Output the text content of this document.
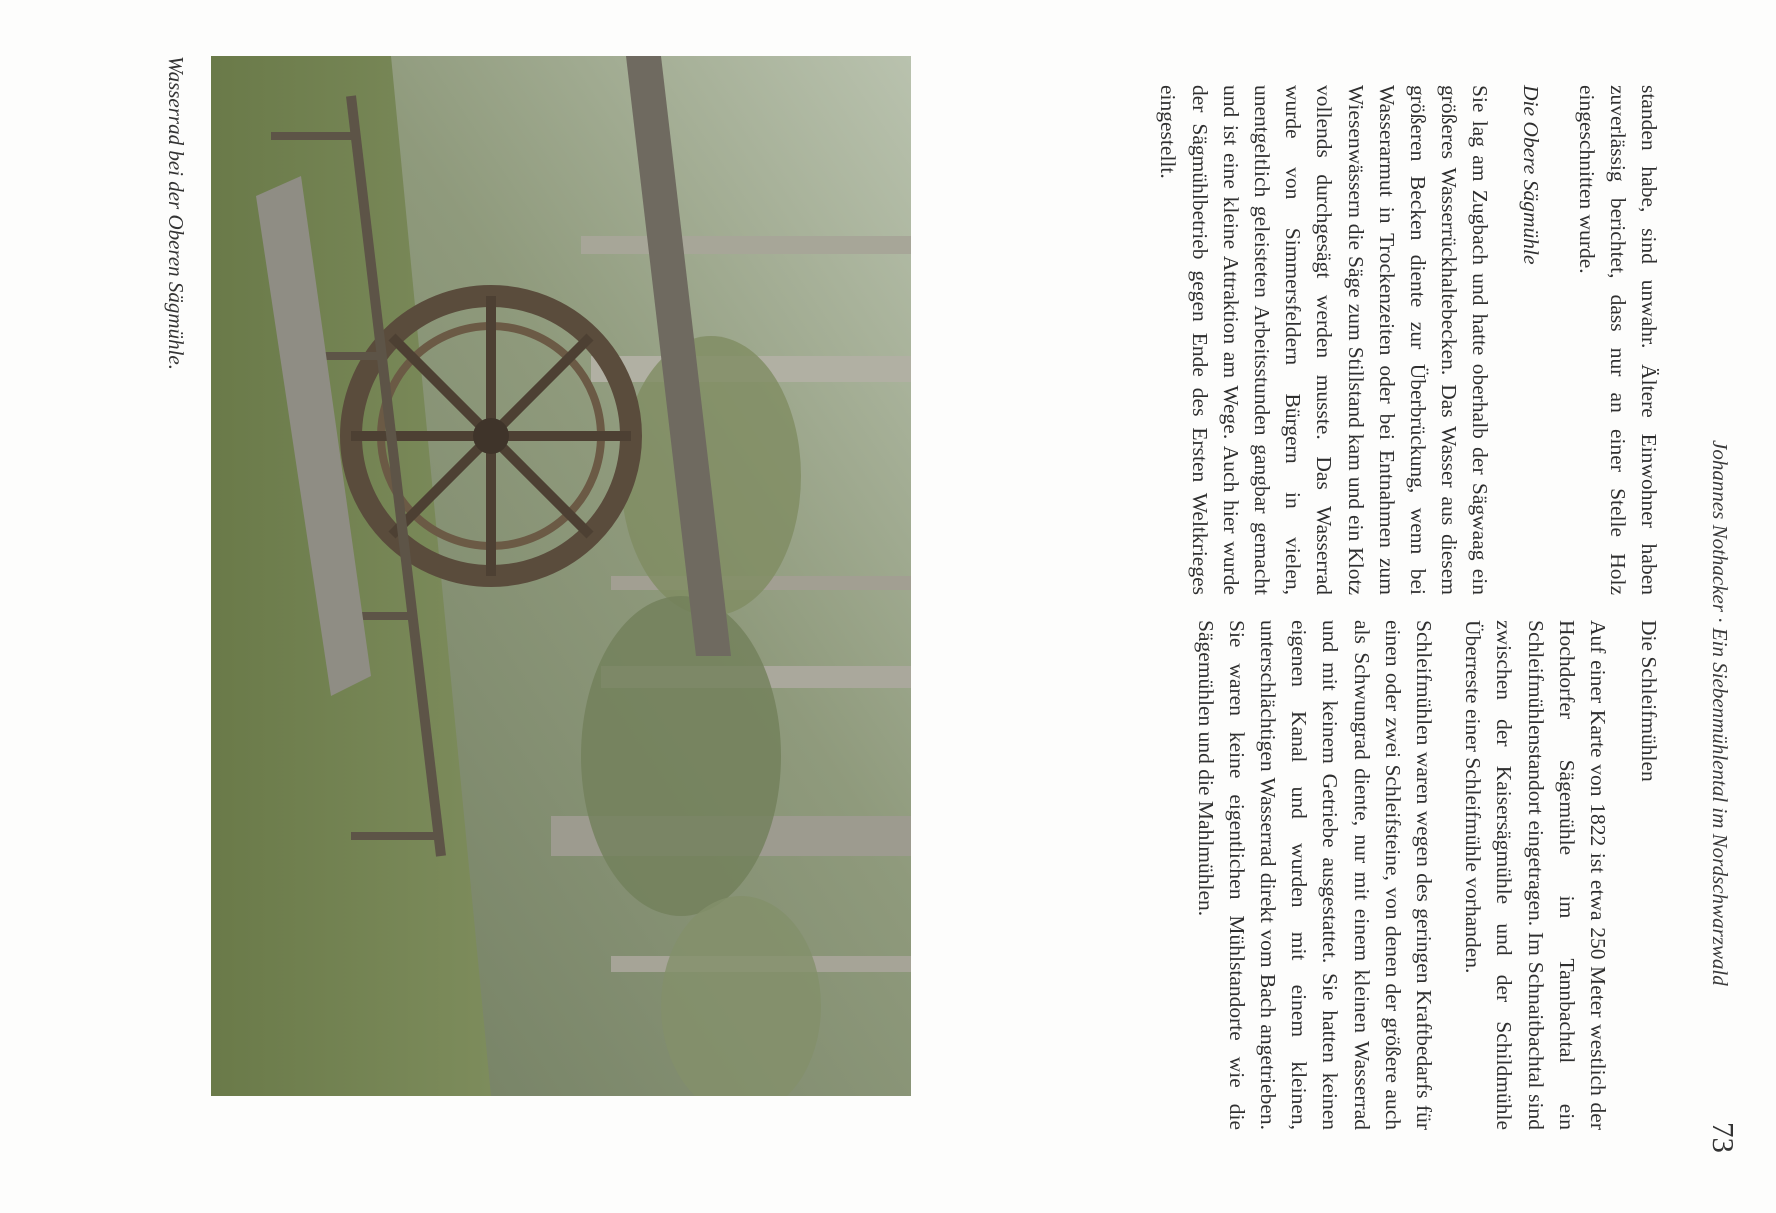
Johannes Nothacker · Ein Siebenmühlental im Nordschwarzwald
73

standen habe, sind unwahr. Ältere Einwohner haben zuverlässig berichtet, dass nur an einer Stelle Holz eingeschnitten wurde.

Die Obere Sägmühle

Sie lag am Zugbach und hatte oberhalb der Sägwaag ein größeres Wasserrückhaltebecken. Das Wasser aus diesem größeren Becken diente zur Überbrückung, wenn bei Wasserarmut in Trockenzeiten oder bei Entnahmen zum Wiesenwässern die Säge zum Stillstand kam und ein Klotz vollends durchgesägt werden musste. Das Wasserrad wurde von Simmersfeldern Bürgern in vielen, unentgeltlich geleisteten Arbeitsstunden gangbar gemacht und ist eine kleine Attraktion am Wege. Auch hier wurde der Sägmühlbetrieb gegen Ende des Ersten Weltkrieges eingestellt.

Die Schleifmühlen

Auf einer Karte von 1822 ist etwa 250 Meter westlich der Hochdorfer Sägemühle im Tannbachtal ein Schleifmühlenstandort eingetragen. Im Schnaitbachtal sind zwischen der Kaisersägmühle und der Schildmühle Überreste einer Schleifmühle vorhanden.

Schleifmühlen waren wegen des geringen Kraftbedarfs für einen oder zwei Schleifsteine, von denen der größere auch als Schwungrad diente, nur mit einem kleinen Wasserrad und mit keinem Getriebe ausgestattet. Sie hatten keinen eigenen Kanal und wurden mit einem kleinen, unterschlächtigen Wasserrad direkt vom Bach angetrieben. Sie waren keine eigentlichen Mühlstandorte wie die Sägemühlen und die Mahlmühlen.

Wasserrad bei der Oberen Sägmühle.
